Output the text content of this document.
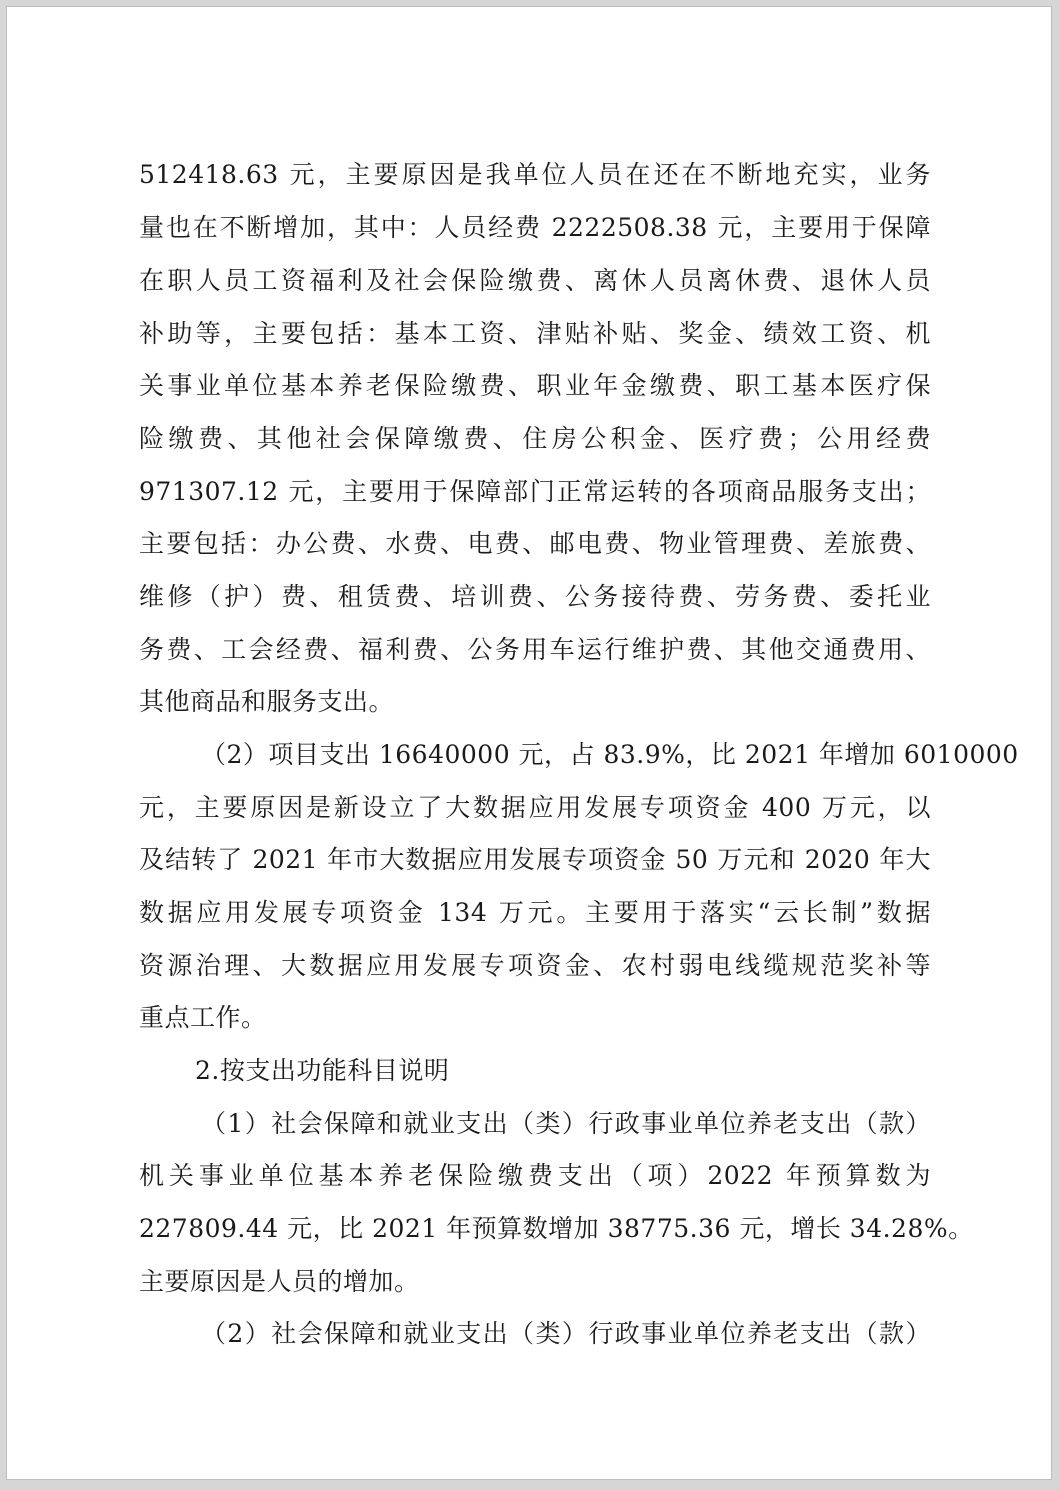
512418.63 元，主要原因是我单位人员在还在不断地充实，业务
量也在不断增加，其中：人员经费 2222508.38 元，主要用于保障
在职人员工资福利及社会保险缴费、离休人员离休费、退休人员
补助等，主要包括：基本工资、津贴补贴、奖金、绩效工资、机
关事业单位基本养老保险缴费、职业年金缴费、职工基本医疗保
险缴费、其他社会保障缴费、住房公积金、医疗费；公用经费
971307.12 元，主要用于保障部门正常运转的各项商品服务支出；
主要包括：办公费、水费、电费、邮电费、物业管理费、差旅费、
维修（护）费、租赁费、培训费、公务接待费、劳务费、委托业
务费、工会经费、福利费、公务用车运行维护费、其他交通费用、
其他商品和服务支出。
（2）项目支出 16640000 元，占 83.9%，比 2021 年增加 6010000
元，主要原因是新设立了大数据应用发展专项资金 400 万元，以
及结转了 2021 年市大数据应用发展专项资金 50 万元和 2020 年大
数据应用发展专项资金 134 万元。主要用于落实“云长制”数据
资源治理、大数据应用发展专项资金、农村弱电线缆规范奖补等
重点工作。
2.按支出功能科目说明
（1）社会保障和就业支出（类）行政事业单位养老支出（款）
机关事业单位基本养老保险缴费支出（项）2022 年预算数为
227809.44 元，比 2021 年预算数增加 38775.36 元，增长 34.28%。
主要原因是人员的增加。
（2）社会保障和就业支出（类）行政事业单位养老支出（款）
